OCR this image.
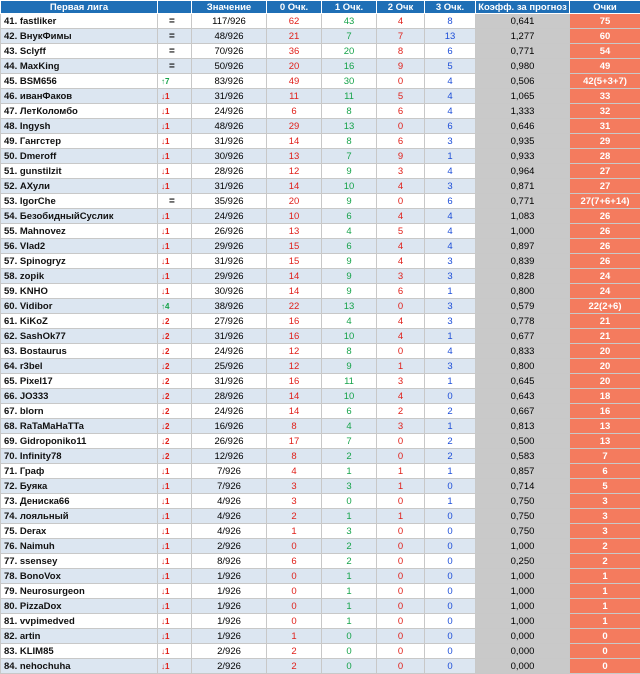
Первая лига		Значение	0 Очк.	1 Очк.	2 Очк	3 Очк.	Коэфф. за прогноз	Очки
41. fastliker	=	117/926	62	43	4	8	0,641	75
42. ВнукФимы	=	48/926	21	7	7	13	1,277	60
43. Sclyff	=	70/926	36	20	8	6	0,771	54
44. MaxKing	=	50/926	20	16	9	5	0,980	49
45. BSM656	↑7	83/926	49	30	0	4	0,506	42(5+3+7)
46. иванФаков	↓1	31/926	11	11	5	4	1,065	33
47. ЛетКоломбо	↓1	24/926	6	8	6	4	1,333	32
48. Ingysh	↓1	48/926	29	13	0	6	0,646	31
49. Гангстер	↓1	31/926	14	8	6	3	0,935	29
50. Dmeroff	↓1	30/926	13	7	9	1	0,933	28
51. gunstilzit	↓1	28/926	12	9	3	4	0,964	27
52. АХули	↓1	31/926	14	10	4	3	0,871	27
53. IgorChe	=	35/926	20	9	0	6	0,771	27(7+6+14)
54. БезобидныйСуслик	↓1	24/926	10	6	4	4	1,083	26
55. Mahnovez	↓1	26/926	13	4	5	4	1,000	26
56. Vlad2	↓1	29/926	15	6	4	4	0,897	26
57. Spinogryz	↓1	31/926	15	9	4	3	0,839	26
58. zopik	↓1	29/926	14	9	3	3	0,828	24
59. KNHO	↓1	30/926	14	9	6	1	0,800	24
60. Vidibor	↑4	38/926	22	13	0	3	0,579	22(2+6)
61. KiKoZ	↓2	27/926	16	4	4	3	0,778	21
62. SashOk77	↓2	31/926	16	10	4	1	0,677	21
63. Bostaurus	↓2	24/926	12	8	0	4	0,833	20
64. r3bel	↓2	25/926	12	9	1	3	0,800	20
65. Pixel17	↓2	31/926	16	11	3	1	0,645	20
66. JO333	↓2	28/926	14	10	4	0	0,643	18
67. blorn	↓2	24/926	14	6	2	2	0,667	16
68. RaTaMaHaTTa	↓2	16/926	8	4	3	1	0,813	13
69. Gidroponiko11	↓2	26/926	17	7	0	2	0,500	13
70. Infinity78	↓2	12/926	8	2	0	2	0,583	7
71. Граф	↓1	7/926	4	1	1	1	0,857	6
72. Буяка	↓1	7/926	3	3	1	0	0,714	5
73. Дениска66	↓1	4/926	3	0	0	1	0,750	3
74. лояльный	↓1	4/926	2	1	1	0	0,750	3
75. Derax	↓1	4/926	1	3	0	0	0,750	3
76. Naimuh	↓1	2/926	0	2	0	0	1,000	2
77. ssensey	↓1	8/926	6	2	0	0	0,250	2
78. BonoVox	↓1	1/926	0	1	0	0	1,000	1
79. Neurosurgeon	↓1	1/926	0	1	0	0	1,000	1
80. PizzaDox	↓1	1/926	0	1	0	0	1,000	1
81. vvpimedved	↓1	1/926	0	1	0	0	1,000	1
82. artin	↓1	1/926	1	0	0	0	0,000	0
83. KLIM85	↓1	2/926	2	0	0	0	0,000	0
84. nehochuha	↓1	2/926	2	0	0	0	0,000	0
